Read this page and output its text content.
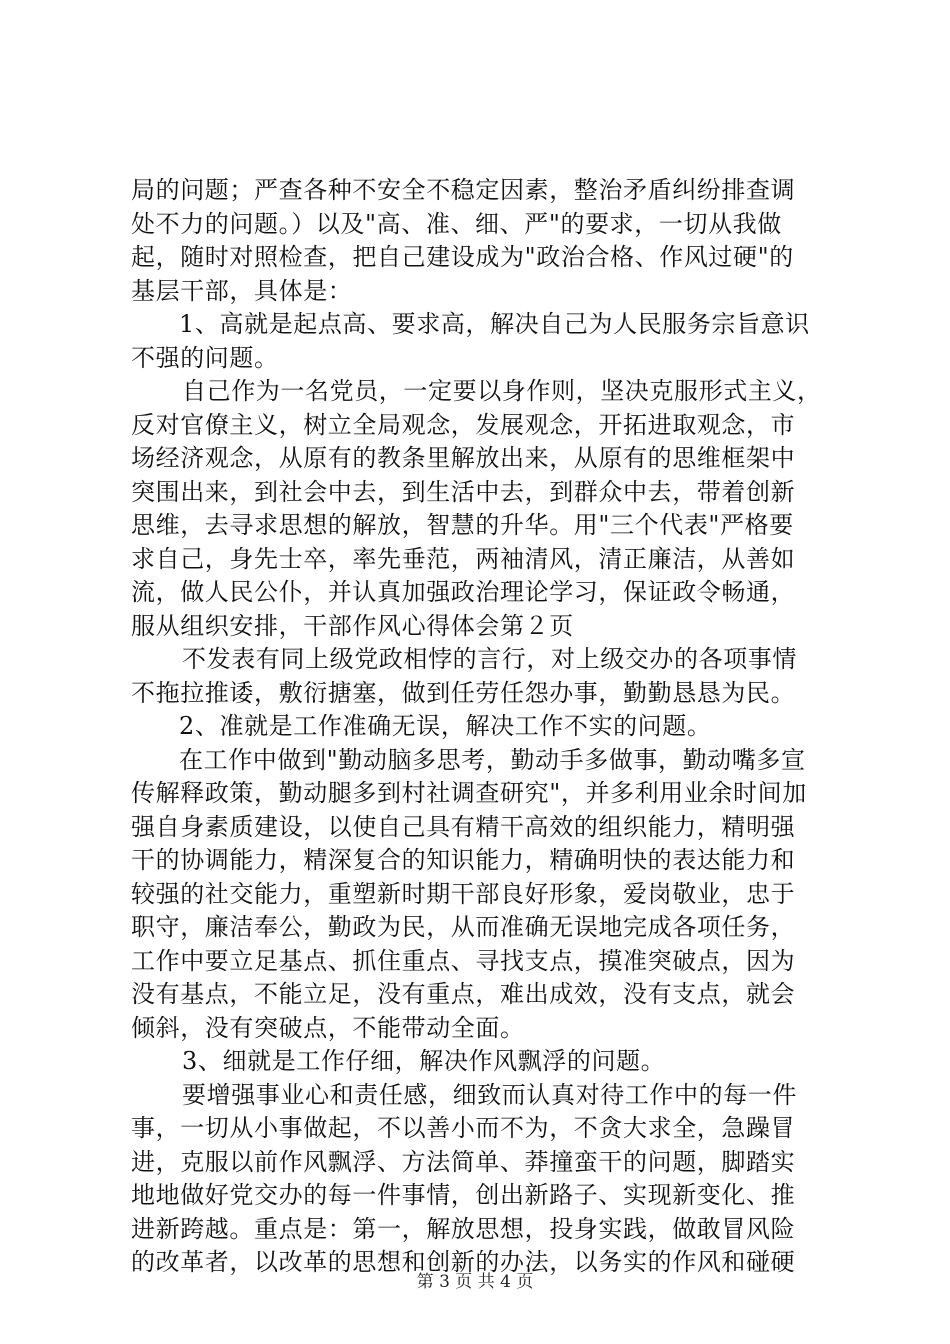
局的问题；严查各种不安全不稳定因素，整治矛盾纠纷排查调
处不力的问题。）以及"高、准、细、严"的要求，一切从我做
起，随时对照检查，把自己建设成为"政治合格、作风过硬"的
基层干部，具体是：
1、高就是起点高、要求高，解决自己为人民服务宗旨意识
不强的问题。
自己作为一名党员，一定要以身作则，坚决克服形式主义，
反对官僚主义，树立全局观念，发展观念，开拓进取观念，市
场经济观念，从原有的教条里解放出来，从原有的思维框架中
突围出来，到社会中去，到生活中去，到群众中去，带着创新
思维，去寻求思想的解放，智慧的升华。用"三个代表"严格要
求自己，身先士卒，率先垂范，两袖清风，清正廉洁，从善如
流，做人民公仆，并认真加强政治理论学习，保证政令畅通，
服从组织安排，干部作风心得体会第２页
不发表有同上级党政相悖的言行，对上级交办的各项事情
不拖拉推诿，敷衍搪塞，做到任劳任怨办事，勤勤恳恳为民。
2、准就是工作准确无误，解决工作不实的问题。
在工作中做到"勤动脑多思考，勤动手多做事，勤动嘴多宣
传解释政策，勤动腿多到村社调查研究"，并多利用业余时间加
强自身素质建设，以使自己具有精干高效的组织能力，精明强
干的协调能力，精深复合的知识能力，精确明快的表达能力和
较强的社交能力，重塑新时期干部良好形象，爱岗敬业，忠于
职守，廉洁奉公，勤政为民，从而准确无误地完成各项任务，
工作中要立足基点、抓住重点、寻找支点，摸准突破点，因为
没有基点，不能立足，没有重点，难出成效，没有支点，就会
倾斜，没有突破点，不能带动全面。
3、细就是工作仔细，解决作风飘浮的问题。
要增强事业心和责任感，细致而认真对待工作中的每一件
事，一切从小事做起，不以善小而不为，不贪大求全，急躁冒
进，克服以前作风飘浮、方法简单、莽撞蛮干的问题，脚踏实
地地做好党交办的每一件事情，创出新路子、实现新变化、推
进新跨越。重点是：第一，解放思想，投身实践，做敢冒风险
的改革者，以改革的思想和创新的办法，以务实的作风和碰硬
第 3 页 共 4 页
